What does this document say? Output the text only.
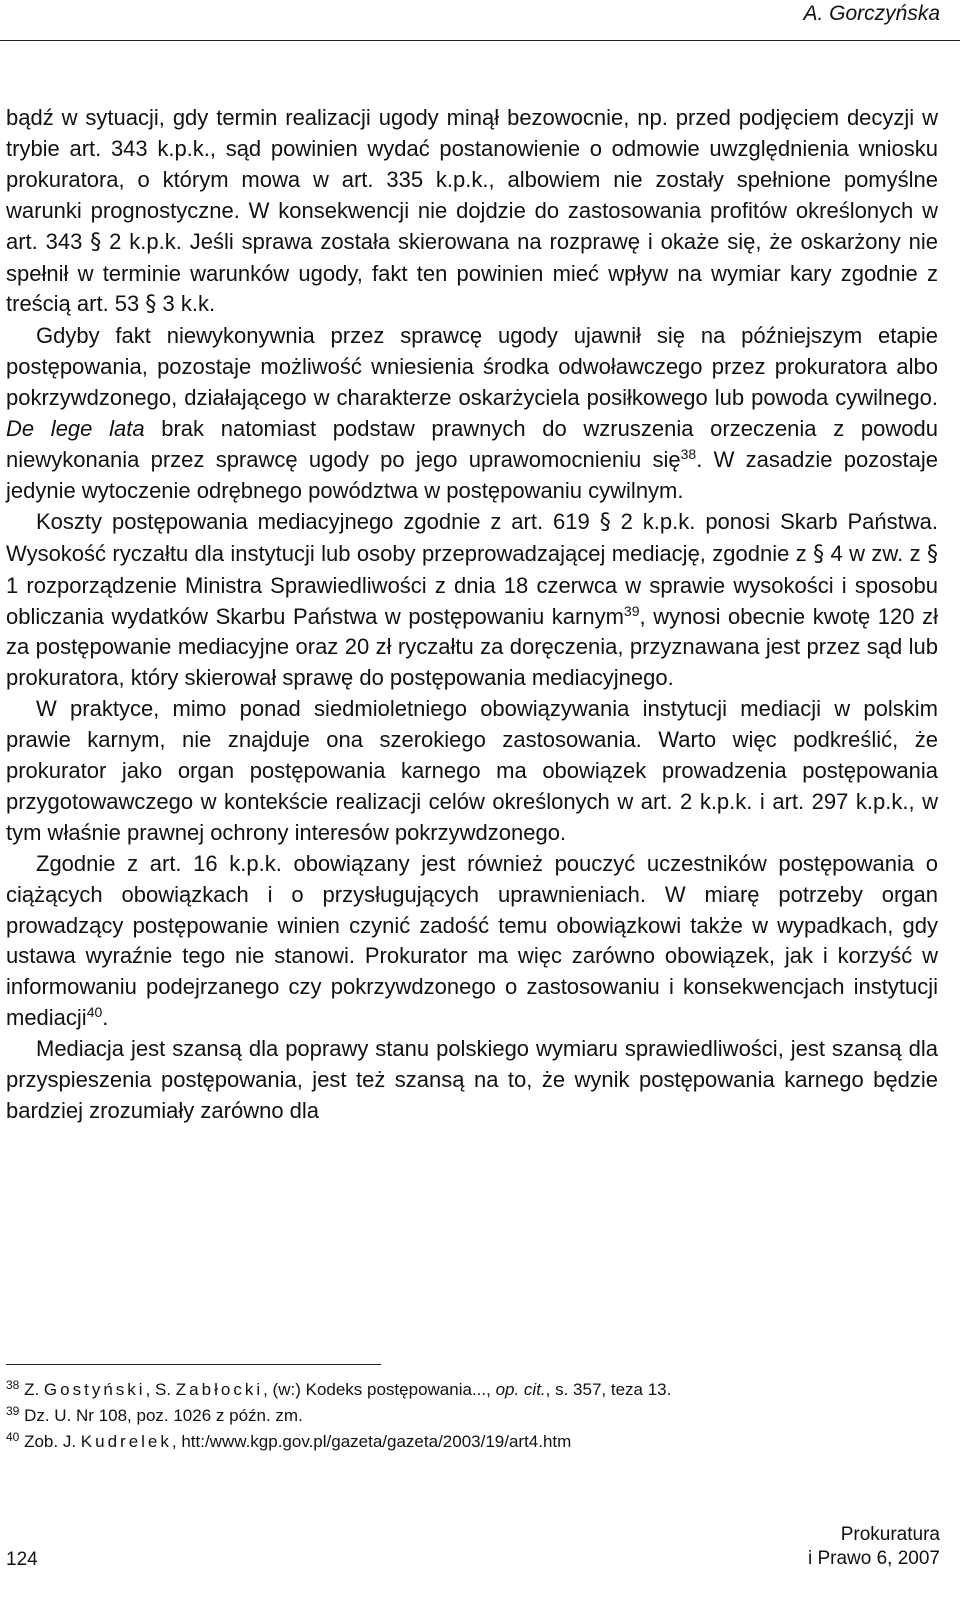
A. Gorczyńska

bądź w sytuacji, gdy termin realizacji ugody minął bezowocnie, np. przed podjęciem decyzji w trybie art. 343 k.p.k., sąd powinien wydać postanowienie o odmowie uwzględnienia wniosku prokuratora, o którym mowa w art. 335 k.p.k., albowiem nie zostały spełnione pomyślne warunki prognostyczne. W konsekwencji nie dojdzie do zastosowania profitów określonych w art. 343 § 2 k.p.k. Jeśli sprawa została skierowana na rozprawę i okaże się, że oskarżony nie spełnił w terminie warunków ugody, fakt ten powinien mieć wpływ na wymiar kary zgodnie z treścią art. 53 § 3 k.k.

Gdyby fakt niewykonywnia przez sprawcę ugody ujawnił się na późniejszym etapie postępowania, pozostaje możliwość wniesienia środka odwoławczego przez prokuratora albo pokrzywdzonego, działającego w charakterze oskarżyciela posiłkowego lub powoda cywilnego. De lege lata brak natomiast podstaw prawnych do wzruszenia orzeczenia z powodu niewykonania przez sprawcę ugody po jego uprawomocnieniu się$^{38}$. W zasadzie pozostaje jedynie wytoczenie odrębnego powództwa w postępowaniu cywilnym.

Koszty postępowania mediacyjnego zgodnie z art. 619 § 2 k.p.k. ponosi Skarb Państwa. Wysokość ryczałtu dla instytucji lub osoby przeprowadzającej mediację, zgodnie z § 4 w zw. z § 1 rozporządzenie Ministra Sprawiedliwości z dnia 18 czerwca w sprawie wysokości i sposobu obliczania wydatków Skarbu Państwa w postępowaniu karnym$^{39}$, wynosi obecnie kwotę 120 zł za postępowanie mediacyjne oraz 20 zł ryczałtu za doręczenia, przyznawana jest przez sąd lub prokuratora, który skierował sprawę do postępowania mediacyjnego.

W praktyce, mimo ponad siedmioletniego obowiązywania instytucji mediacji w polskim prawie karnym, nie znajduje ona szerokiego zastosowania. Warto więc podkreślić, że prokurator jako organ postępowania karnego ma obowiązek prowadzenia postępowania przygotowawczego w kontekście realizacji celów określonych w art. 2 k.p.k. i art. 297 k.p.k., w tym właśnie prawnej ochrony interesów pokrzywdzonego.

Zgodnie z art. 16 k.p.k. obowiązany jest również pouczyć uczestników postępowania o ciążących obowiązkach i o przysługujących uprawnieniach. W miarę potrzeby organ prowadzący postępowanie winien czynić zadość temu obowiązkowi także w wypadkach, gdy ustawa wyraźnie tego nie stanowi. Prokurator ma więc zarówno obowiązek, jak i korzyść w informowaniu podejrzanego czy pokrzywdzonego o zastosowaniu i konsekwencjach instytucji mediacji$^{40}$.

Mediacja jest szansą dla poprawy stanu polskiego wymiaru sprawiedliwości, jest szansą dla przyspieszenia postępowania, jest też szansą na to, że wynik postępowania karnego będzie bardziej zrozumiały zarówno dla

$^{38}$ Z. Gostyński, S. Zabłocki, (w:) Kodeks postępowania..., op. cit., s. 357, teza 13.
$^{39}$ Dz. U. Nr 108, poz. 1026 z późn. zm.
$^{40}$ Zob. J. Kudrelek, htt:/www.kgp.gov.pl/gazeta/gazeta/2003/19/art4.htm
124
Prokuratura
i Prawo 6, 2007
